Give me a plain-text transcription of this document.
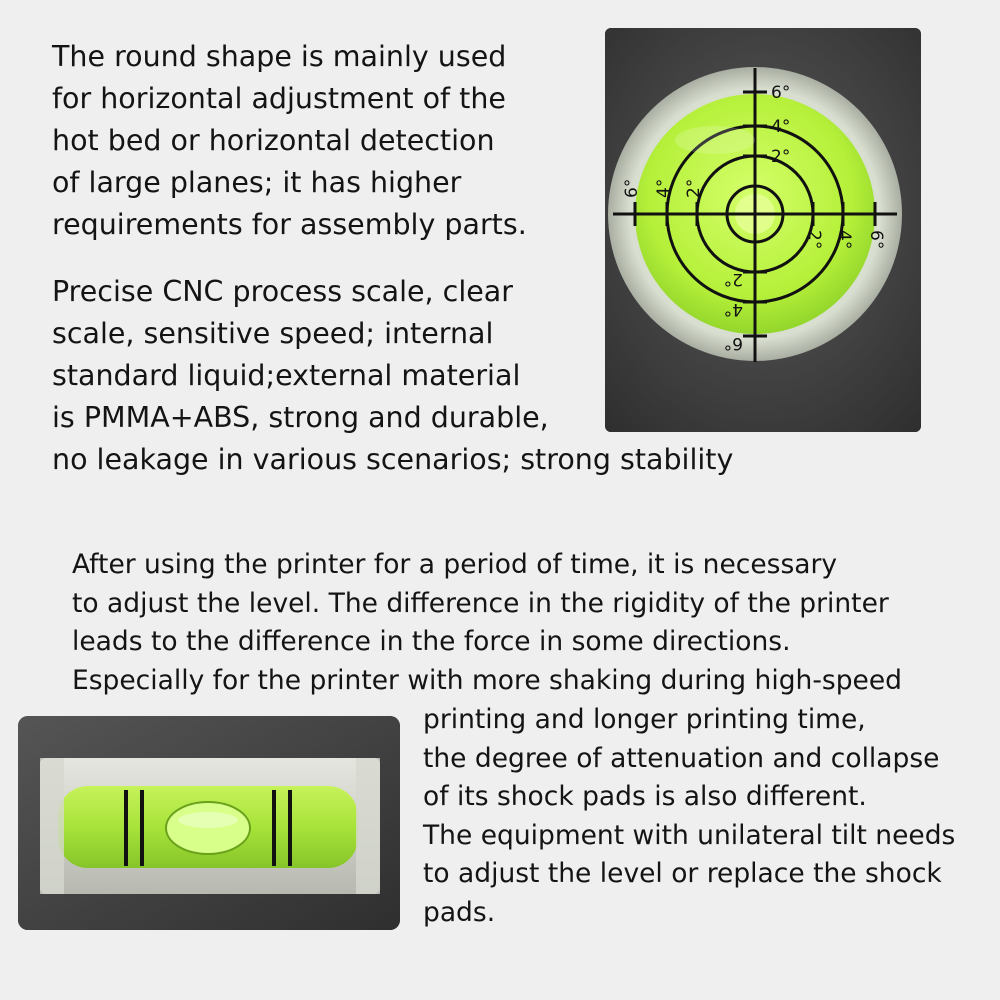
The round shape is mainly used
for horizontal adjustment of the
hot bed or horizontal detection
of large planes; it has higher
requirements for assembly parts.
Precise CNC process scale, clear
scale, sensitive speed; internal
standard liquid;external material
is PMMA+ABS, strong and durable,
no leakage in various scenarios; strong stability
6°
4°
2°
2°
4°
6°
6° 4° 2°
2° 4° 6°
After using the printer for a period of time, it is necessary
to adjust the level. The difference in the rigidity of the printer
leads to the difference in the force in some directions.
Especially for the printer with more shaking during high-speed
printing and longer printing time,
the degree of attenuation and collapse
of its shock pads is also different.
The equipment with unilateral tilt needs
to adjust the level or replace the shock
pads.
